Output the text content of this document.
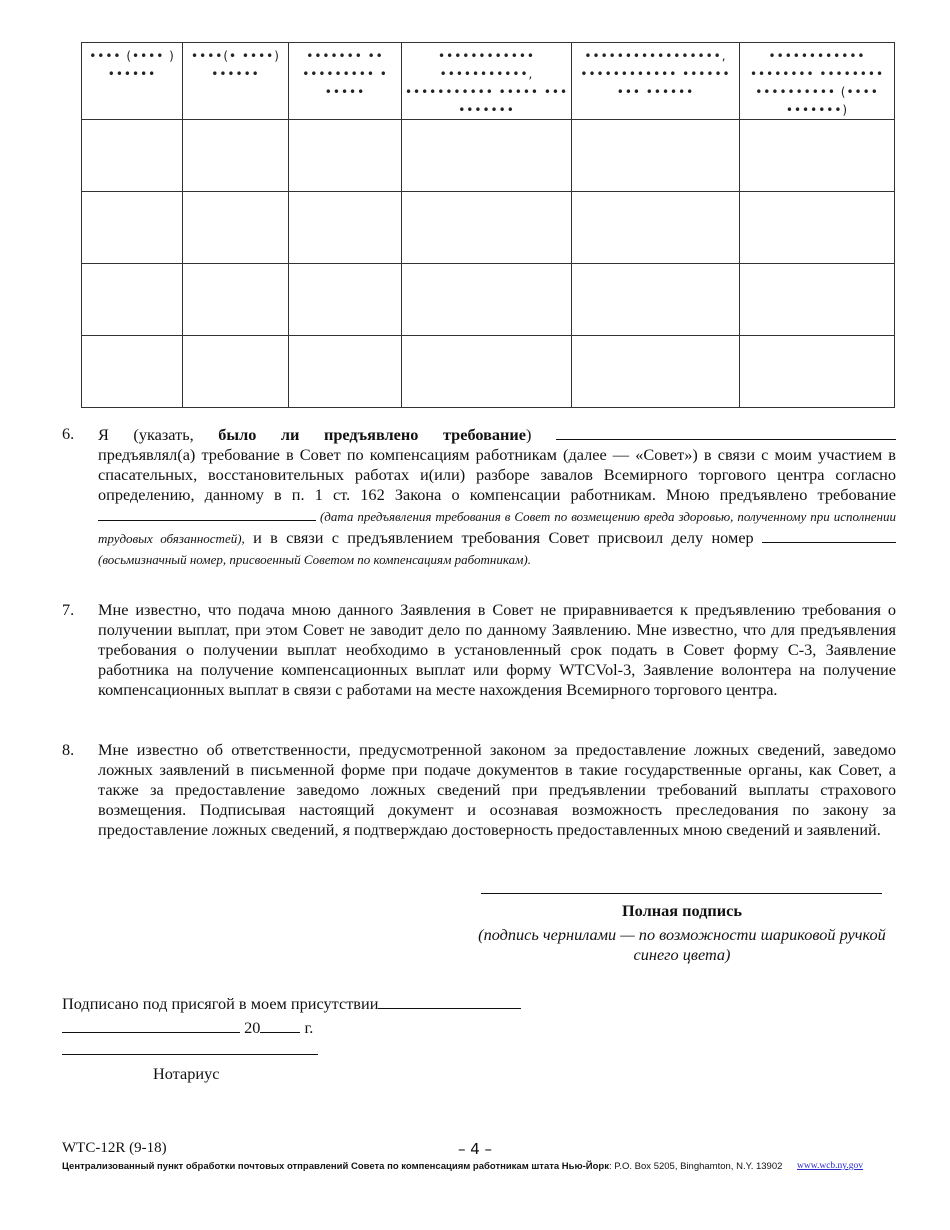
•••• (•••• ) ••••••	••••(• ••••) ••••••	••••••• •• ••••••••• • •••••	•••••••••••• •••••••••••, ••••••••••• ••••• ••• •••••••	•••••••••••••••••, •••••••••••• •••••• ••• ••••••	•••••••••••• •••••••• •••••••• •••••••••• (•••• •••••••)

6. Я (указать, было ли предъявлено требование)
предъявлял(а) требование в Совет по компенсациям работникам (далее — «Совет») в связи с моим участием в спасательных, восстановительных работах и(или) разборе завалов Всемирного торгового центра согласно определению, данному в п. 1 ст. 162 Закона о компенсации работникам. Мною предъявлено требование  (дата предъявления требования в Совет по возмещению вреда здоровью, полученному при исполнении трудовых обязанностей), и в связи с предъявлением требования Совет присвоил делу номер  (восьмизначный номер, присвоенный Советом по компенсациям работникам).
7. Мне известно, что подача мною данного Заявления в Совет не приравнивается к предъявлению требования о получении выплат, при этом Совет не заводит дело по данному Заявлению. Мне известно, что для предъявления требования о получении выплат необходимо в установленный срок подать в Совет форму C-3, Заявление работника на получение компенсационных выплат или форму WTCVol-3, Заявление волонтера на получение компенсационных выплат в связи с работами на месте нахождения Всемирного торгового центра.
8. Мне известно об ответственности, предусмотренной законом за предоставление ложных сведений, заведомо ложных заявлений в письменной форме при подаче документов в такие государственные органы, как Совет, а также за предоставление заведомо ложных сведений при предъявлении требований выплаты страхового возмещения. Подписывая настоящий документ и осознавая возможность преследования по закону за предоставление ложных сведений, я подтверждаю достоверность предоставленных мною сведений и заявлений.
Полная подпись
(подпись чернилами — по возможности шариковой ручкой синего цвета)
Подписано под присягой в моем присутствии
20	г.
Нотариус
WTC-12R (9-18)	– 4 –
Централизованный пункт обработки почтовых отправлений Совета по компенсациям работникам штата Нью-Йорк: P.O. Box 5205, Binghamton, N.Y. 13902 www.wcb.ny.gov
